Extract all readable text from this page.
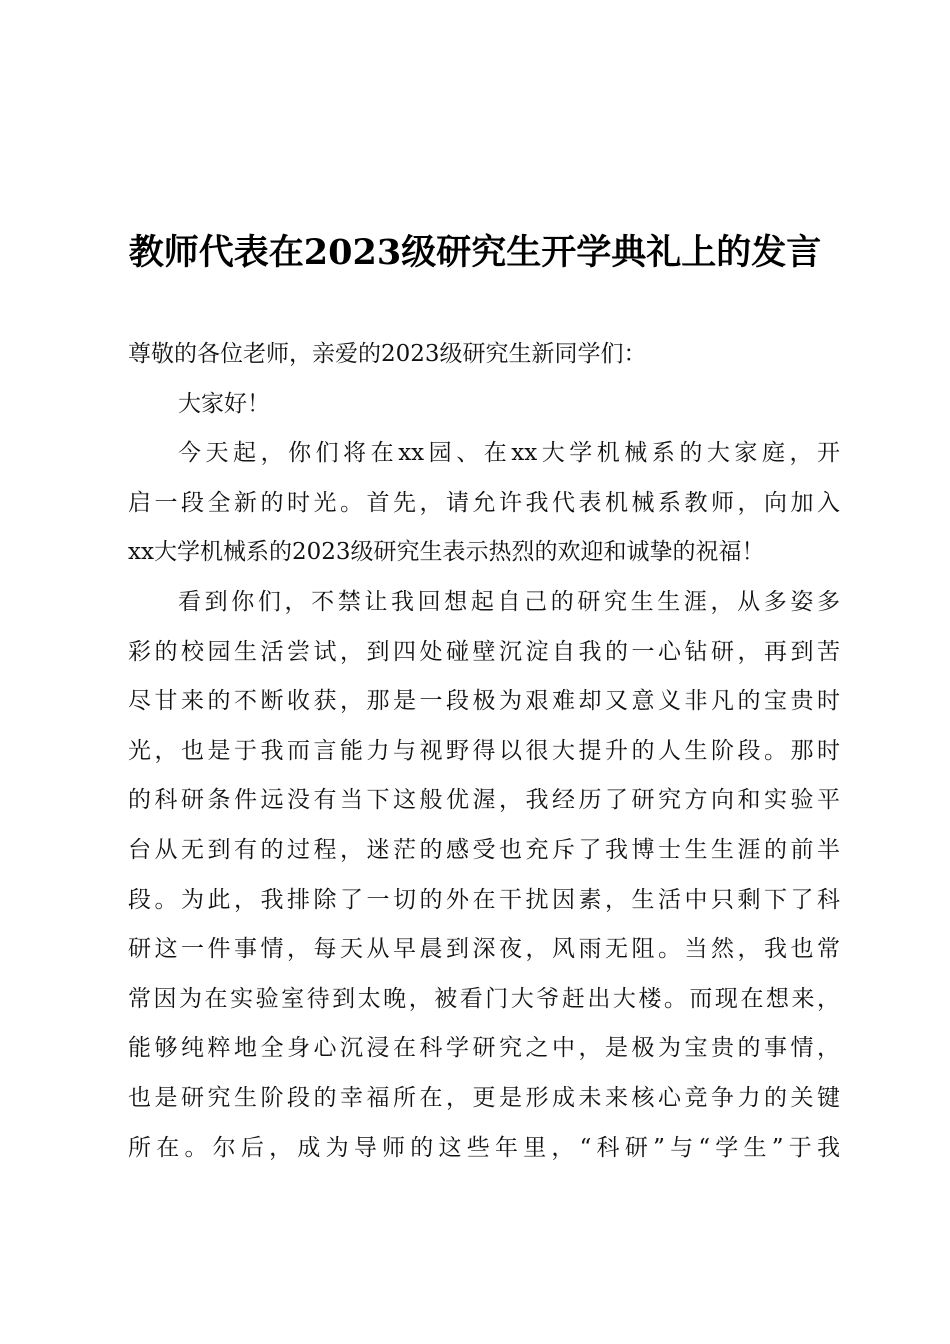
教师代表在2023级研究生开学典礼上的发言
尊敬的各位老师，亲爱的2023级研究生新同学们：
大家好！
今天起，你们将在xx园、在xx大学机械系的大家庭，开
启一段全新的时光。首先，请允许我代表机械系教师，向加入
xx大学机械系的2023级研究生表示热烈的欢迎和诚挚的祝福！
看到你们，不禁让我回想起自己的研究生生涯，从多姿多
彩的校园生活尝试，到四处碰壁沉淀自我的一心钻研，再到苦
尽甘来的不断收获，那是一段极为艰难却又意义非凡的宝贵时
光，也是于我而言能力与视野得以很大提升的人生阶段。那时
的科研条件远没有当下这般优渥，我经历了研究方向和实验平
台从无到有的过程，迷茫的感受也充斥了我博士生生涯的前半
段。为此，我排除了一切的外在干扰因素，生活中只剩下了科
研这一件事情，每天从早晨到深夜，风雨无阻。当然，我也常
常因为在实验室待到太晚，被看门大爷赶出大楼。而现在想来，
能够纯粹地全身心沉浸在科学研究之中，是极为宝贵的事情，
也是研究生阶段的幸福所在，更是形成未来核心竞争力的关键
所在。尔后，成为导师的这些年里，“科研”与“学生”于我
